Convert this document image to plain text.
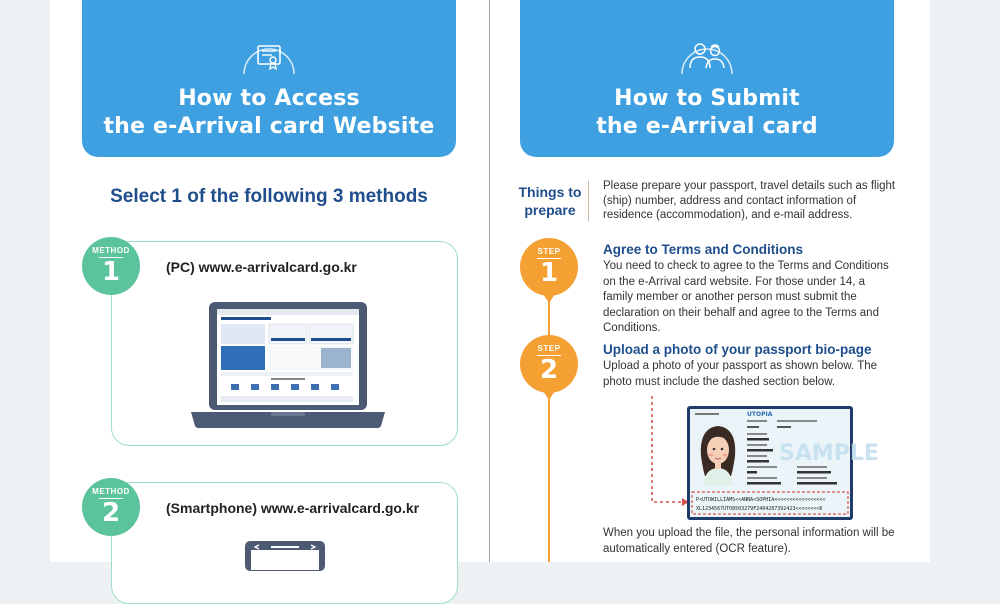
How to Access
the e-Arrival card Website
Select 1 of the following 3 methods
METHOD
1	(PC) www.e-arrivalcard.go.kr
METHOD
2	(Smartphone) www.e-arrivalcard.go.kr
How to Submit
the e-Arrival card
Things to prepare
Please prepare your passport, travel details such as flight (ship) number, address and contact information of residence (accommodation), and e-mail address.
STEP
1
Agree to Terms and Conditions
You need to check to agree to the Terms and Conditions on the e-Arrival card website. For those under 14, a family member or another person must submit the declaration on their behalf and agree to the Terms and Conditions.
STEP
2
Upload a photo of your passport bio-page
Upload a photo of your passport as shown below. The photo must include the dashed section below.
SAMPLE
UTOPIA
P<UTOWILLIAMS<<ANNA<SOPHIA<<<<<<<<<<<<<<<<<
XL1234567UTO8503279F2404287392423<<<<<<<<6
When you upload the file, the personal information will be automatically entered (OCR feature).
